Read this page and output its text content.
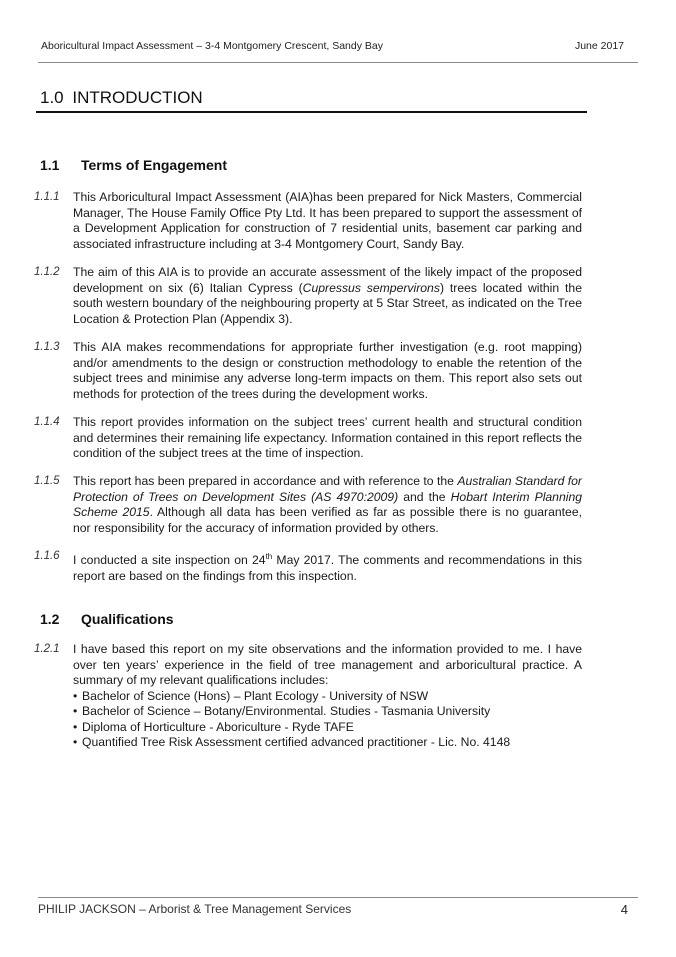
Aboricultural Impact Assessment – 3-4 Montgomery Crescent, Sandy Bay	June 2017
1.0 INTRODUCTION
1.1 Terms of Engagement
1.1.1 This Arboricultural Impact Assessment (AIA)has been prepared for Nick Masters, Commercial Manager, The House Family Office Pty Ltd. It has been prepared to support the assessment of a Development Application for construction of 7 residential units, basement car parking and associated infrastructure including at 3-4 Montgomery Court, Sandy Bay.
1.1.2 The aim of this AIA is to provide an accurate assessment of the likely impact of the proposed development on six (6) Italian Cypress (Cupressus sempervirons) trees located within the south western boundary of the neighbouring property at 5 Star Street, as indicated on the Tree Location & Protection Plan (Appendix 3).
1.1.3 This AIA makes recommendations for appropriate further investigation (e.g. root mapping) and/or amendments to the design or construction methodology to enable the retention of the subject trees and minimise any adverse long-term impacts on them. This report also sets out methods for protection of the trees during the development works.
1.1.4 This report provides information on the subject trees’ current health and structural condition and determines their remaining life expectancy. Information contained in this report reflects the condition of the subject trees at the time of inspection.
1.1.5 This report has been prepared in accordance and with reference to the Australian Standard for Protection of Trees on Development Sites (AS 4970:2009) and the Hobart Interim Planning Scheme 2015. Although all data has been verified as far as possible there is no guarantee, nor responsibility for the accuracy of information provided by others.
1.1.6 I conducted a site inspection on 24th May 2017. The comments and recommendations in this report are based on the findings from this inspection.
1.2 Qualifications
1.2.1 I have based this report on my site observations and the information provided to me. I have over ten years’ experience in the field of tree management and arboricultural practice. A summary of my relevant qualifications includes:
• Bachelor of Science (Hons) – Plant Ecology - University of NSW
• Bachelor of Science – Botany/Environmental. Studies - Tasmania University
• Diploma of Horticulture - Aboriculture - Ryde TAFE
• Quantified Tree Risk Assessment certified advanced practitioner - Lic. No. 4148
PHILIP JACKSON – Arborist & Tree Management Services	4
